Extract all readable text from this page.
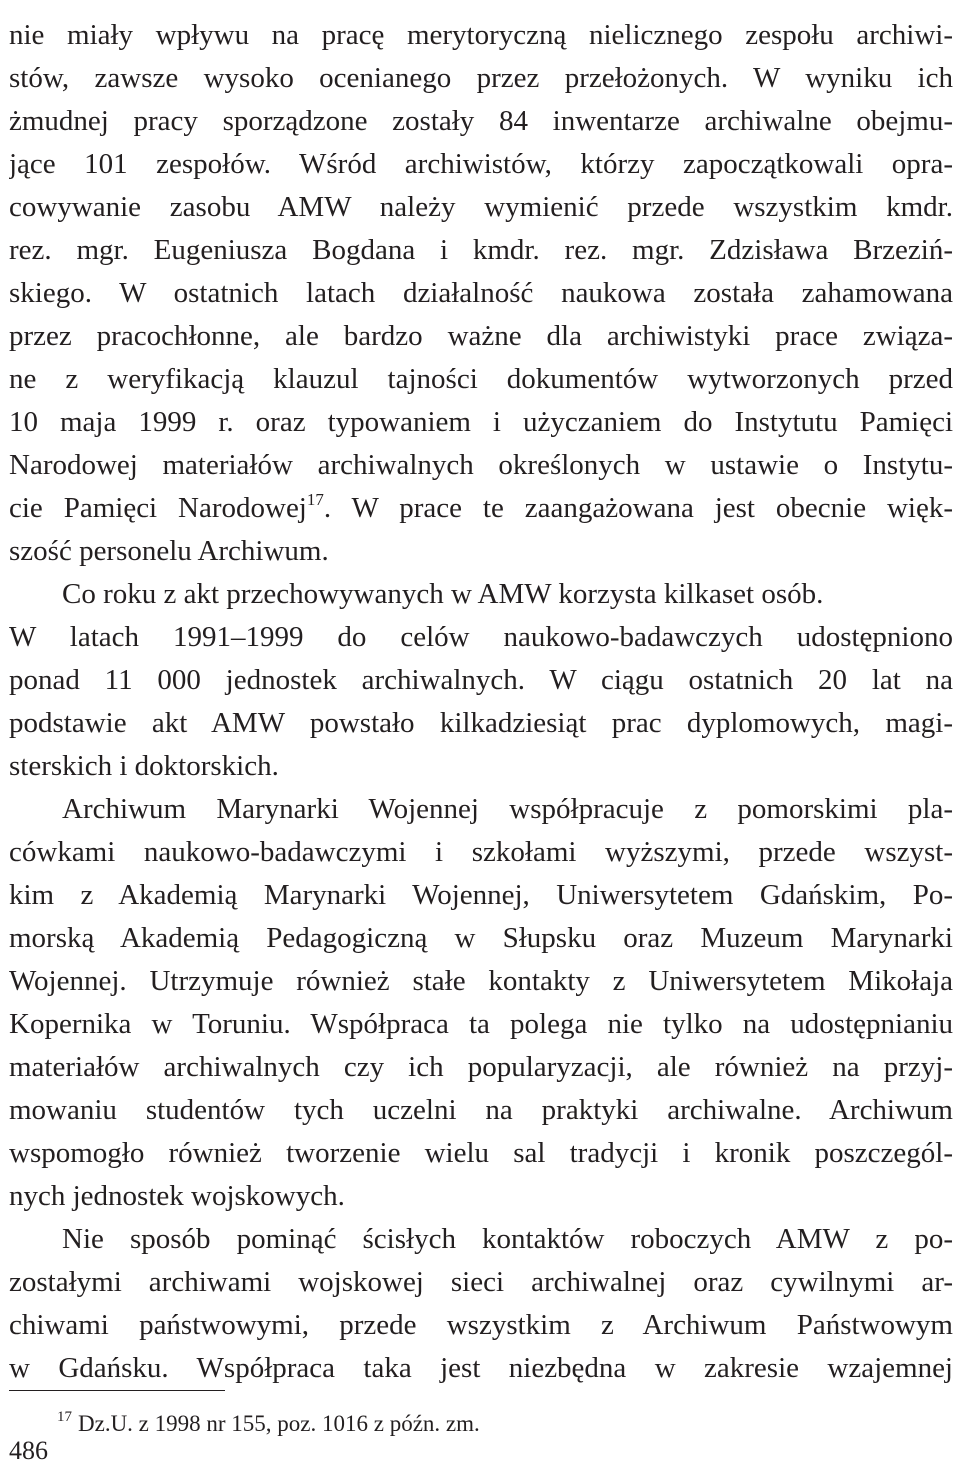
nie miały wpływu na pracę merytoryczną nielicznego zespołu archiwi-
stów, zawsze wysoko ocenianego przez przełożonych. W wyniku ich
żmudnej pracy sporządzone zostały 84 inwentarze archiwalne obejmu-
jące 101 zespołów. Wśród archiwistów, którzy zapoczątkowali opra-
cowywanie zasobu AMW należy wymienić przede wszystkim kmdr.
rez. mgr. Eugeniusza Bogdana i kmdr. rez. mgr. Zdzisława Brzeziń-
skiego. W ostatnich latach działalność naukowa została zahamowana
przez pracochłonne, ale bardzo ważne dla archiwistyki prace związa-
ne z weryfikacją klauzul tajności dokumentów wytworzonych przed
10 maja 1999 r. oraz typowaniem i użyczaniem do Instytutu Pamięci
Narodowej materiałów archiwalnych określonych w ustawie o Instytu-
cie Pamięci Narodowej$^{17}$. W prace te zaangażowana jest obecnie więk-
szość personelu Archiwum.
Co roku z akt przechowywanych w AMW korzysta kilkaset osób.
W latach 1991–1999 do celów naukowo-badawczych udostępniono
ponad 11 000 jednostek archiwalnych. W ciągu ostatnich 20 lat na
podstawie akt AMW powstało kilkadziesiąt prac dyplomowych, magi-
sterskich i doktorskich.
Archiwum Marynarki Wojennej współpracuje z pomorskimi pla-
cówkami naukowo-badawczymi i szkołami wyższymi, przede wszyst-
kim z Akademią Marynarki Wojennej, Uniwersytetem Gdańskim, Po-
morską Akademią Pedagogiczną w Słupsku oraz Muzeum Marynarki
Wojennej. Utrzymuje również stałe kontakty z Uniwersytetem Mikołaja
Kopernika w Toruniu. Współpraca ta polega nie tylko na udostępnianiu
materiałów archiwalnych czy ich popularyzacji, ale również na przyj-
mowaniu studentów tych uczelni na praktyki archiwalne. Archiwum
wspomogło również tworzenie wielu sal tradycji i kronik poszczegól-
nych jednostek wojskowych.
Nie sposób pominąć ścisłych kontaktów roboczych AMW z po-
zostałymi archiwami wojskowej sieci archiwalnej oraz cywilnymi ar-
chiwami państwowymi, przede wszystkim z Archiwum Państwowym
w Gdańsku. Współpraca taka jest niezbędna w zakresie wzajemnej
$^{17}$ Dz.U. z 1998 nr 155, poz. 1016 z późn. zm.
486
